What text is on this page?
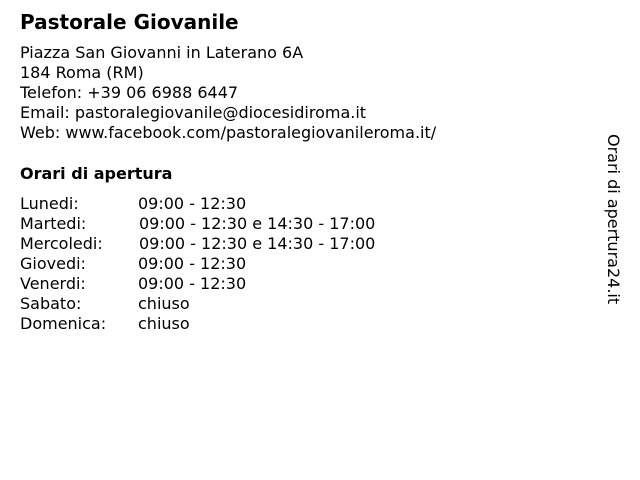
Pastorale Giovanile
Piazza San Giovanni in Laterano 6A
184 Roma (RM)
Telefon: +39 06 6988 6447
Email: pastoralegiovanile@diocesidiroma.it
Web: www.facebook.com/pastoralegiovanileroma.it/
Orari di apertura
Lunedi:	09:00 - 12:30
Martedi:	09:00 - 12:30 e 14:30 - 17:00
Mercoledi: 09:00 - 12:30 e 14:30 - 17:00
Giovedi:	09:00 - 12:30
Venerdi:	09:00 - 12:30
Sabato:	chiuso
Domenica: chiuso
Orari di apertura24.it
